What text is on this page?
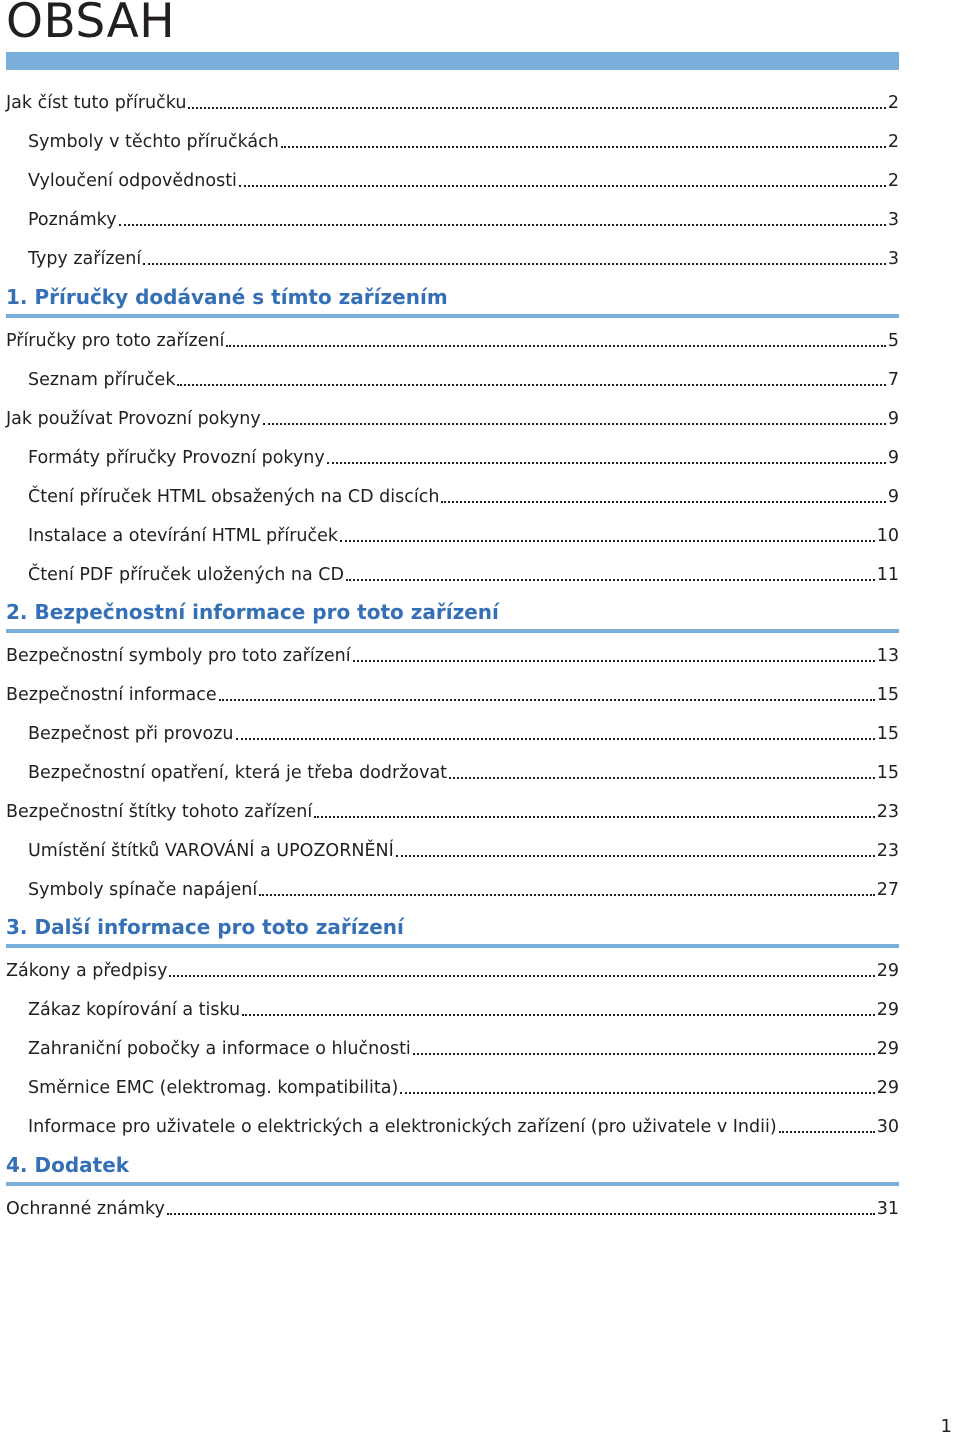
OBSAH
Jak číst tuto příručku	2
Symboly v těchto příručkách	2
Vyloučení odpovědnosti	2
Poznámky	3
Typy zařízení	3
1. Příručky dodávané s tímto zařízením
Příručky pro toto zařízení	5
Seznam příruček	7
Jak používat Provozní pokyny	9
Formáty příručky Provozní pokyny	9
Čtení příruček HTML obsažených na CD discích	9
Instalace a otevírání HTML příruček	10
Čtení PDF příruček uložených na CD	11
2. Bezpečnostní informace pro toto zařízení
Bezpečnostní symboly pro toto zařízení	13
Bezpečnostní informace	15
Bezpečnost při provozu	15
Bezpečnostní opatření, která je třeba dodržovat	15
Bezpečnostní štítky tohoto zařízení	23
Umístění štítků VAROVÁNÍ a UPOZORNĚNÍ	23
Symboly spínače napájení	27
3. Další informace pro toto zařízení
Zákony a předpisy	29
Zákaz kopírování a tisku	29
Zahraniční pobočky a informace o hlučnosti	29
Směrnice EMC (elektromag. kompatibilita)	29
Informace pro uživatele o elektrických a elektronických zařízení (pro uživatele v Indii)	30
4. Dodatek
Ochranné známky	31
1
